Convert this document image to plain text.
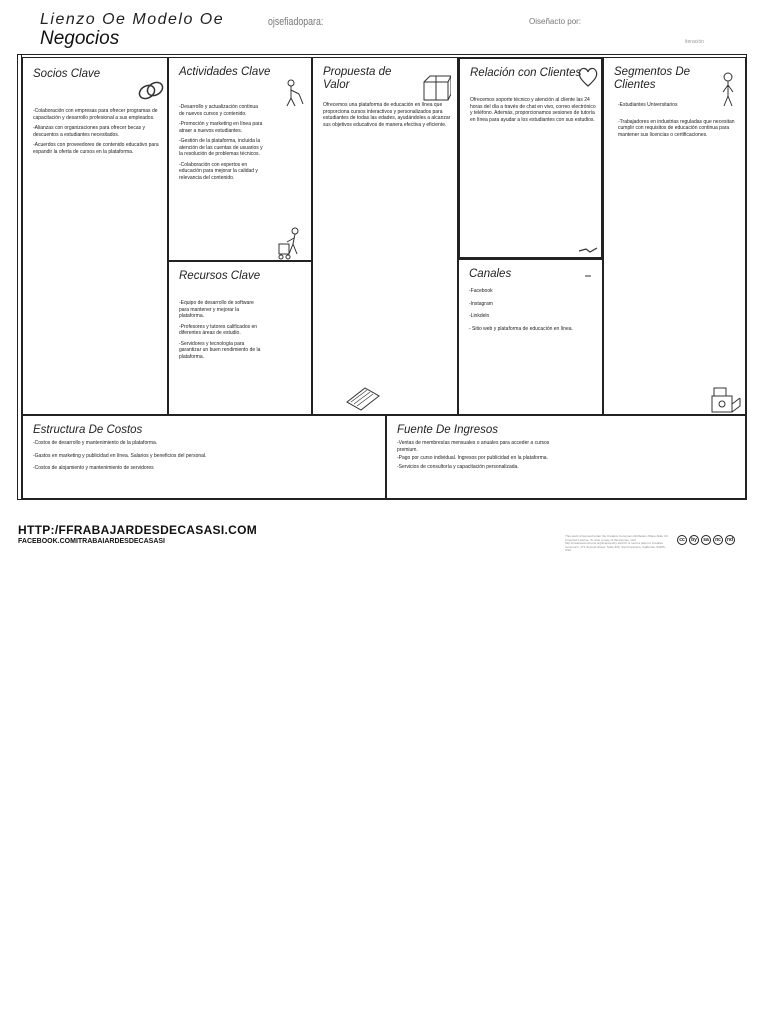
Lienzo Oe Modelo Oe
Negocios
ojsefiadopara:	Oiseñacto por:
iteración
Socios Clave

-Colaboración con empresas para ofrecer programas de capacitación y desarrollo profesional a sus empleados.

-Alianzas con organizaciones para ofrecer becas y descuentos a estudiantes necesitados.

-Acuerdos con proveedores de contenido educativo para expandir la oferta de cursos en la plataforma.

Actividades Clave

-Desarrollo y actualización continua de nuevos cursos y contenido.

-Promoción y marketing en línea para atraer a nuevos estudiantes.

-Gestión de la plataforma, incluida la atención de las cuentas de usuarios y la resolución de problemas técnicos.

-Colaboración con expertos en educación para mejorar la calidad y relevancia del contenido.

Recursos Clave

-Equipo de desarrollo de software para mantener y mejorar la plataforma.

-Profesores y tutores calificados en diferentes áreas de estudio.

-Servidores y tecnología para garantizar un buen rendimiento de la plataforma.

Propuesta de Valor

Ofrecemos una plataforma de educación en línea que proporciona cursos interactivos y personalizados para estudiantes de todas las edades, ayudándoles a alcanzar sus objetivos educativos de manera efectiva y eficiente.

Relación con Clientes

Ofrecemos soporte técnico y atención al cliente las 24 horas del día a través de chat en vivo, correo electrónico y teléfono. Además, proporcionamos sesiones de tutoría en línea para ayudar a los estudiantes con sus estudios.

Canales

-Facebook

-Instagram

-Linkdeln

- Sitio web y plataforma de educación en línea.

Segmentos De Clientes

-Estudiantes Universitarios

-Trabajadores en industrias reguladas que necesitan cumplir con requisitos de educación continua para mantener sus licencias o certificaciones.

Estructura De Costos

-Costos de desarrollo y mantenimiento de la plataforma.

-Gastos en marketing y publicidad en línea. Salarios y beneficios del personal.

-Costos de alojamiento y mantenimiento de servidores

Fuente De Ingresos

-Ventas de membresías mensuales o anuales para acceder a cursos premium.

-Pago por curso individual. Ingresos por publicidad en la plataforma.

-Servicios de consultoría y capacitación personalizada.

HTTP:/FFRABAJARDESDECASASI.COM
FACEBOOK.COMITRABAIARDESDECASASI
This work is licensed under the Creative Commons Attribution-Share Alike 3.0 Unported License. To view a copy of this license, visit http://creativecommons.org/licenses/by-sa/3.0/ or send a letter to Creative Commons, 171 Second Street, Suite 300, San Francisco, California, 94105, USA.
cc	by	sa	nc	nd
